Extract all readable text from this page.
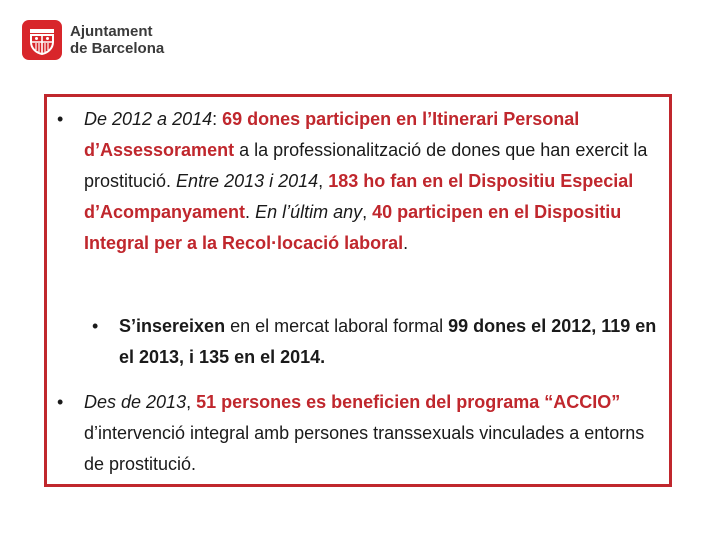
Ajuntament
de Barcelona
• De 2012 a 2014: 69 dones participen en l’Itinerari Personal d’Assessorament a la professionalització de dones que han exercit la prostitució. Entre 2013 i 2014, 183 ho fan en el Dispositiu Especial d’Acompanyament. En l’últim any, 40 participen en el Dispositiu Integral per a la Recol·locació laboral.
• S’insereixen en el mercat laboral formal 99 dones el 2012, 119 en el 2013, i 135 en el 2014.
• Des de 2013, 51 persones es beneficien del programa “ACCIO” d’intervenció integral amb persones transsexuals vinculades a entorns de prostitució.
